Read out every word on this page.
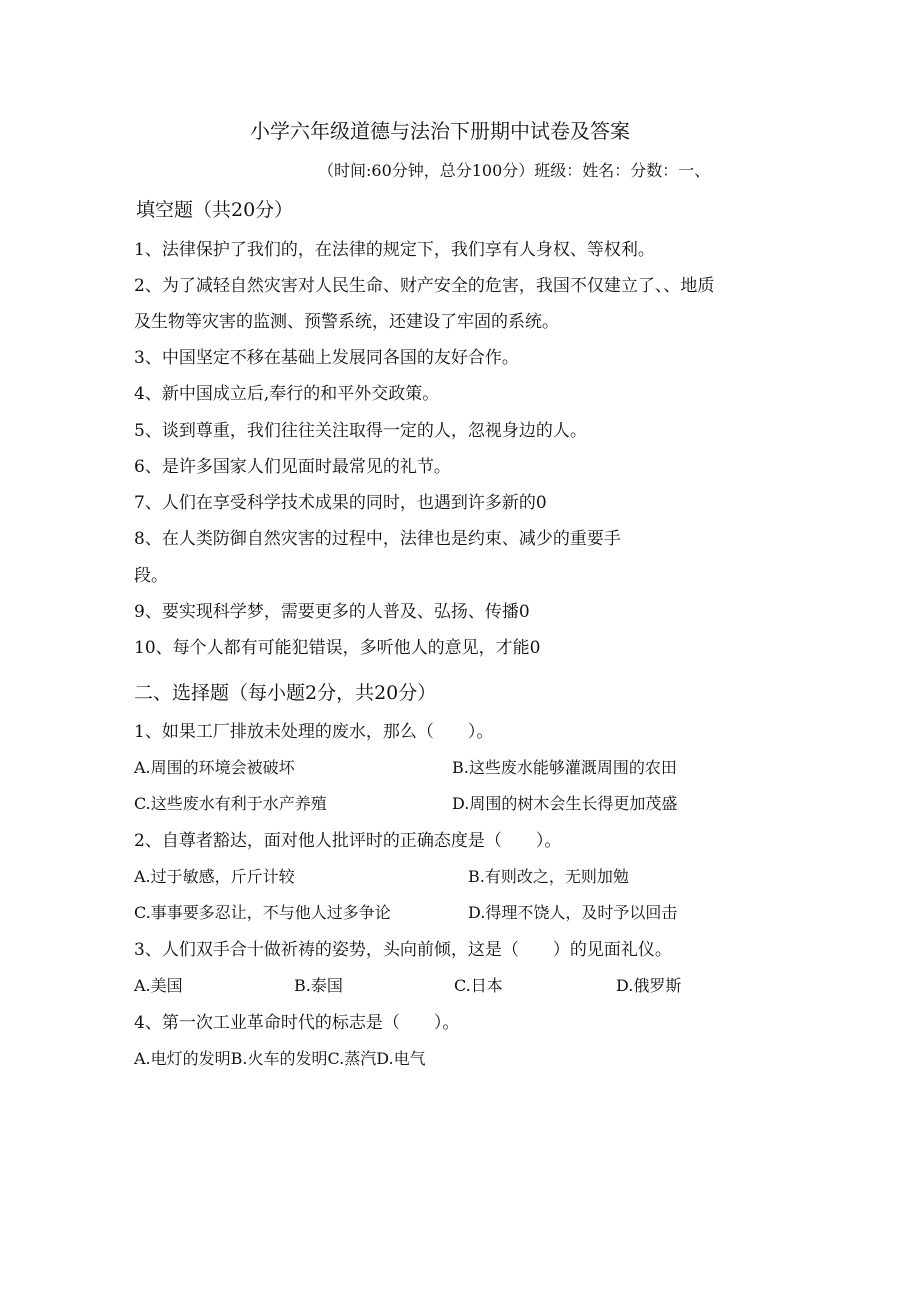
小学六年级道德与法治下册期中试卷及答案
（时间:60分钟，总分100分）班级：姓名：分数：一、
填空题（共20分）
1、法律保护了我们的，在法律的规定下，我们享有人身权、等权利。
2、为了减轻自然灾害对人民生命、财产安全的危害，我国不仅建立了、、地质
及生物等灾害的监测、预警系统，还建设了牢固的系统。
3、中国坚定不移在基础上发展同各国的友好合作。
4、新中国成立后,奉行的和平外交政策。
5、谈到尊重，我们往往关注取得一定的人，忽视身边的人。
6、是许多国家人们见面时最常见的礼节。
7、人们在享受科学技术成果的同时，也遇到许多新的0
8、在人类防御自然灾害的过程中，法律也是约束、减少的重要手
段。
9、要实现科学梦，需要更多的人普及、弘扬、传播0
10、每个人都有可能犯错误，多听他人的意见，才能0
二、选择题（每小题2分，共20分）
1、如果工厂排放未处理的废水，那么（　　）。
A.周围的环境会被破坏	B.这些废水能够灌溉周围的农田
C.这些废水有利于水产养殖	D.周围的树木会生长得更加茂盛
2、自尊者豁达，面对他人批评时的正确态度是（　　）。
A.过于敏感，斤斤计较	B.有则改之，无则加勉
C.事事要多忍让，不与他人过多争论	D.得理不饶人，及时予以回击
3、人们双手合十做祈祷的姿势，头向前倾，这是（　　）的见面礼仪。
A.美国	B.泰国	C.日本	D.俄罗斯
4、第一次工业革命时代的标志是（　　）。
A.电灯的发明B.火车的发明C.蒸汽D.电气
